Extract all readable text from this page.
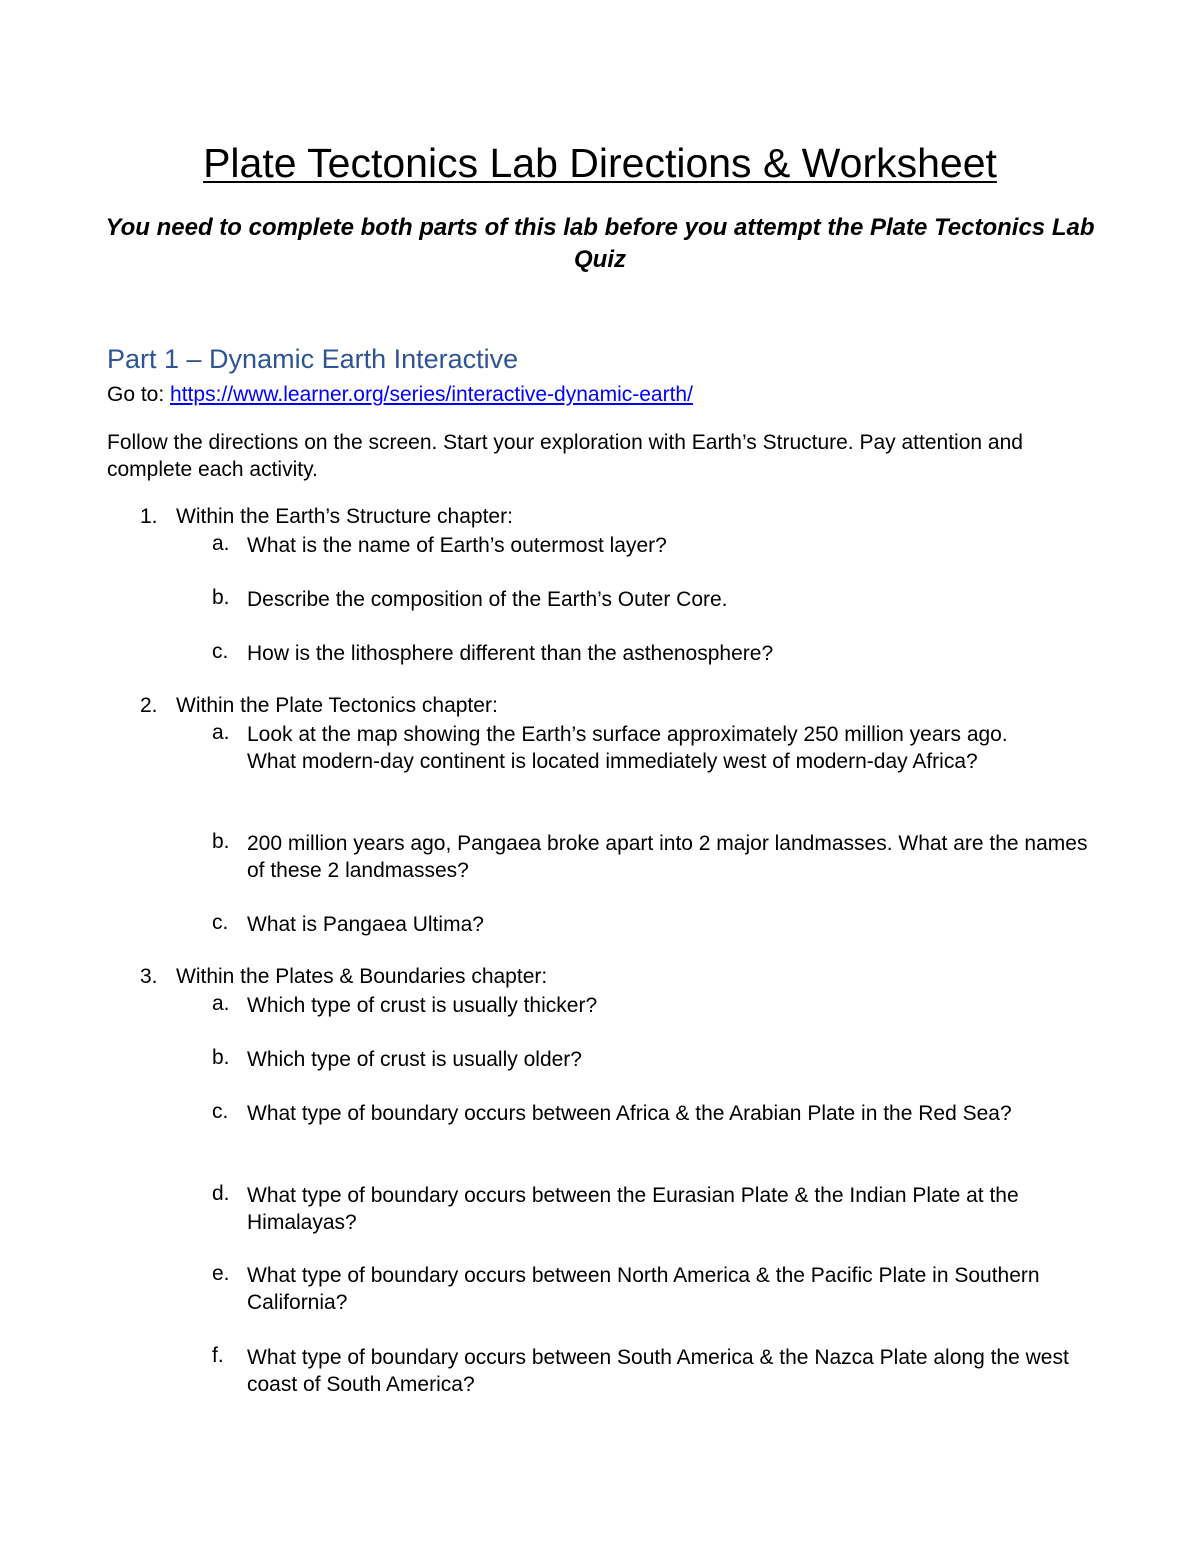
Plate Tectonics Lab Directions & Worksheet
You need to complete both parts of this lab before you attempt the Plate Tectonics Lab Quiz
Part 1 – Dynamic Earth Interactive
Go to: https://www.learner.org/series/interactive-dynamic-earth/
Follow the directions on the screen. Start your exploration with Earth’s Structure. Pay attention and complete each activity.
1. Within the Earth’s Structure chapter:
a. What is the name of Earth’s outermost layer?
b. Describe the composition of the Earth’s Outer Core.
c. How is the lithosphere different than the asthenosphere?
2. Within the Plate Tectonics chapter:
a. Look at the map showing the Earth’s surface approximately 250 million years ago. What modern-day continent is located immediately west of modern-day Africa?
b. 200 million years ago, Pangaea broke apart into 2 major landmasses. What are the names of these 2 landmasses?
c. What is Pangaea Ultima?
3. Within the Plates & Boundaries chapter:
a. Which type of crust is usually thicker?
b. Which type of crust is usually older?
c. What type of boundary occurs between Africa & the Arabian Plate in the Red Sea?
d. What type of boundary occurs between the Eurasian Plate & the Indian Plate at the Himalayas?
e. What type of boundary occurs between North America & the Pacific Plate in Southern California?
f. What type of boundary occurs between South America & the Nazca Plate along the west coast of South America?
